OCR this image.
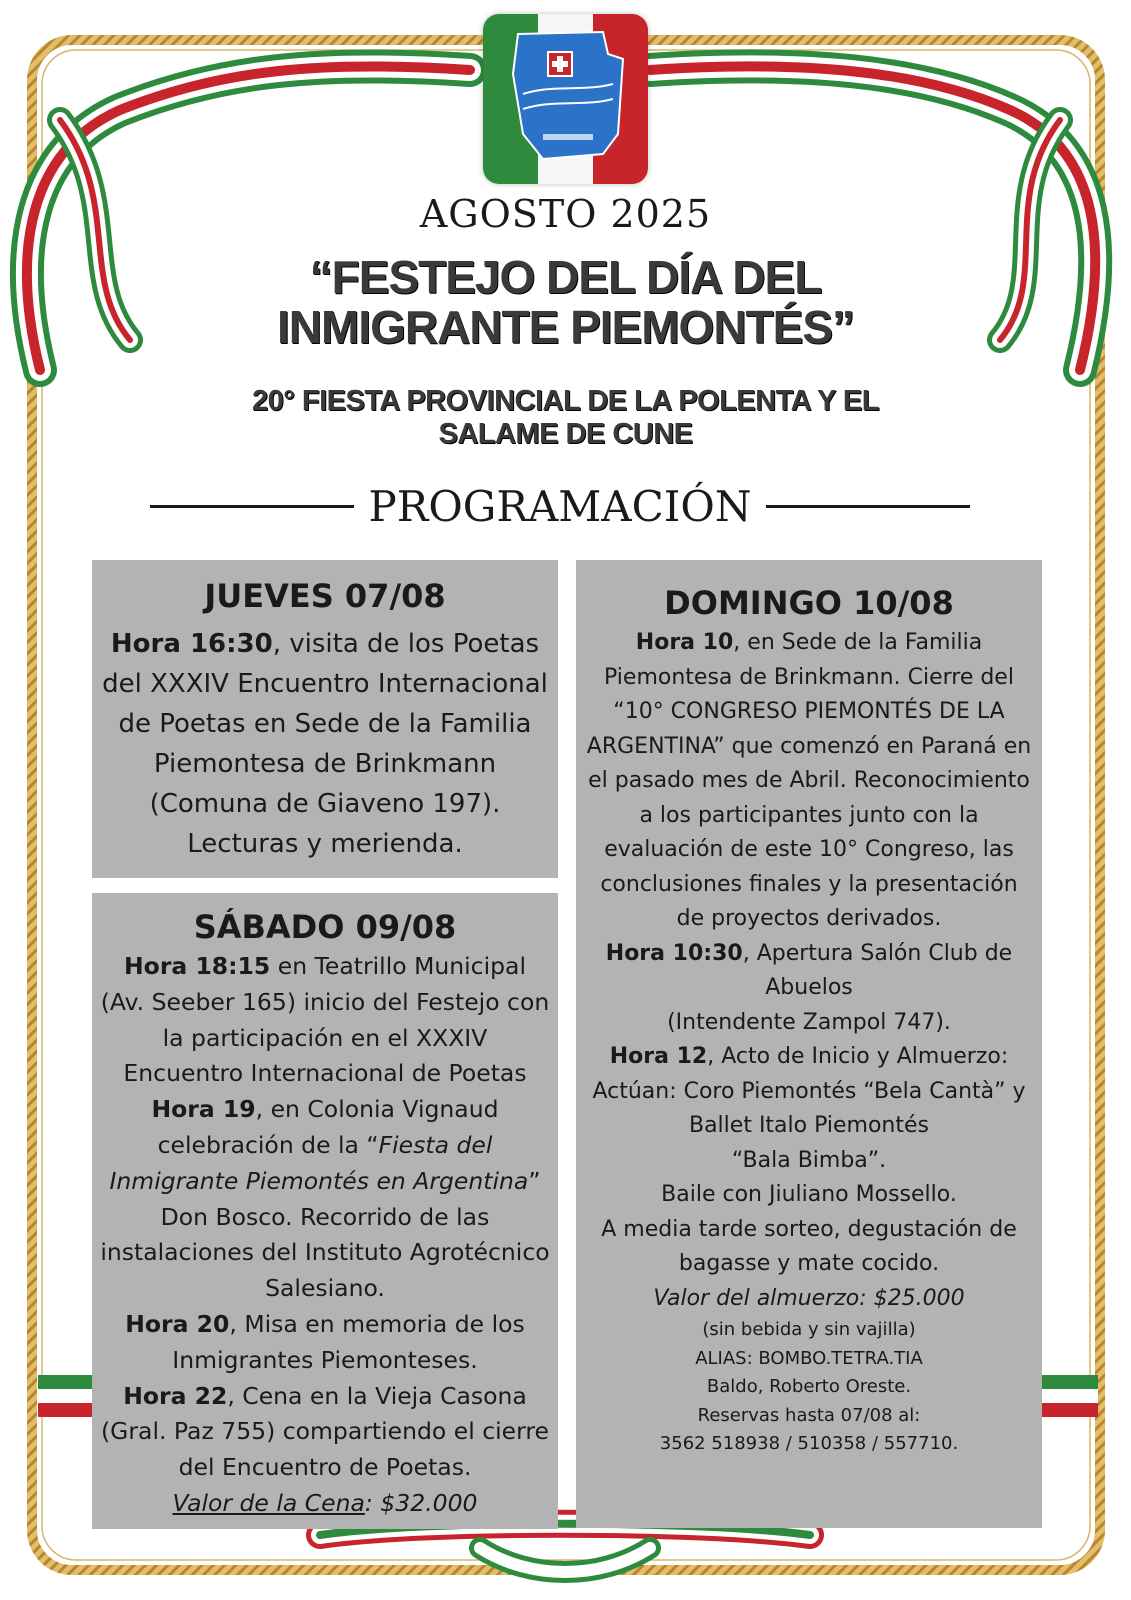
AGOSTO 2025
“FESTEJO DEL DÍA DEL
INMIGRANTE PIEMONTÉS”
20° FIESTA PROVINCIAL DE LA POLENTA Y EL
SALAME DE CUNE
PROGRAMACIÓN
JUEVES 07/08

Hora 16:30, visita de los Poetas del XXXIV Encuentro Internacional de Poetas en Sede de la Familia Piemontesa de Brinkmann (Comuna de Giaveno 197). Lecturas y merienda.

SÁBADO 09/08

Hora 18:15 en Teatrillo Municipal (Av. Seeber 165) inicio del Festejo con la participación en el XXXIV Encuentro Internacional de Poetas

Hora 19, en Colonia Vignaud celebración de la “Fiesta del Inmigrante Piemontés en Argentina” Don Bosco. Recorrido de las instalaciones del Instituto Agrotécnico Salesiano.

Hora 20, Misa en memoria de los Inmigrantes Piemonteses.

Hora 22, Cena en la Vieja Casona (Gral. Paz 755) compartiendo el cierre del Encuentro de Poetas.

Valor de la Cena: $32.000

DOMINGO 10/08

Hora 10, en Sede de la Familia Piemontesa de Brinkmann. Cierre del “10° CONGRESO PIEMONTÉS DE LA ARGENTINA” que comenzó en Paraná en el pasado mes de Abril. Reconocimiento a los participantes junto con la evaluación de este 10° Congreso, las conclusiones finales y la presentación de proyectos derivados.

Hora 10:30, Apertura Salón Club de Abuelos

(Intendente Zampol 747).

Hora 12, Acto de Inicio y Almuerzo: Actúan: Coro Piemontés “Bela Cantà” y Ballet Italo Piemontés

“Bala Bimba”.

Baile con Jiuliano Mossello.

A media tarde sorteo, degustación de bagasse y mate cocido.

Valor del almuerzo: $25.000

(sin bebida y sin vajilla)

ALIAS: BOMBO.TETRA.TIA

Baldo, Roberto Oreste.

Reservas hasta 07/08 al:

3562 518938 / 510358 / 557710.
